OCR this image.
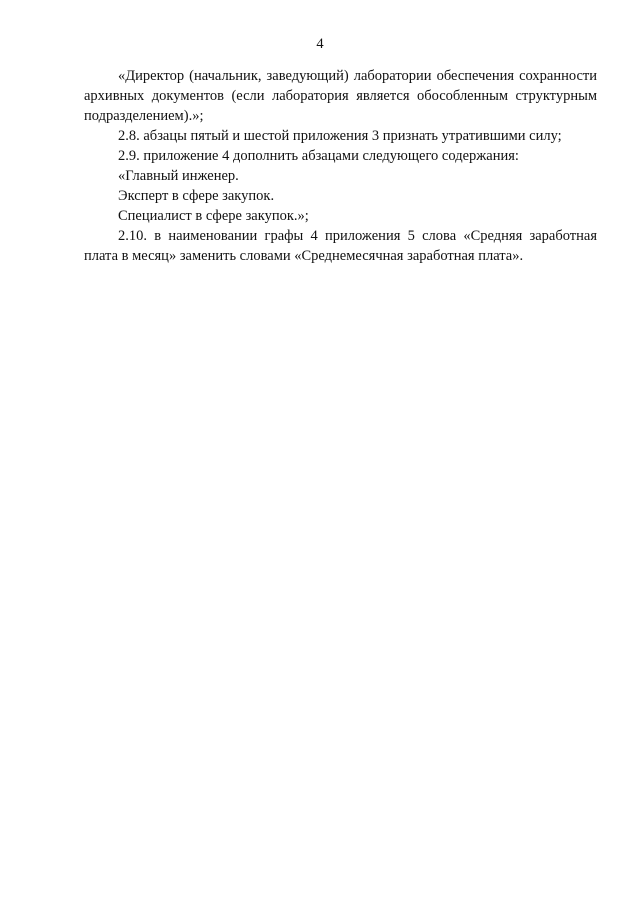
4

«Директор (начальник, заведующий) лаборатории обеспечения сохранности архивных документов (если лаборатория является обособленным структурным подразделением).»;

2.8. абзацы пятый и шестой приложения 3 признать утратившими силу;

2.9. приложение 4 дополнить абзацами следующего содержания:

«Главный инженер.

Эксперт в сфере закупок.

Специалист в сфере закупок.»;

2.10. в наименовании графы 4 приложения 5 слова «Средняя заработная плата в месяц» заменить словами «Среднемесячная заработная плата».
